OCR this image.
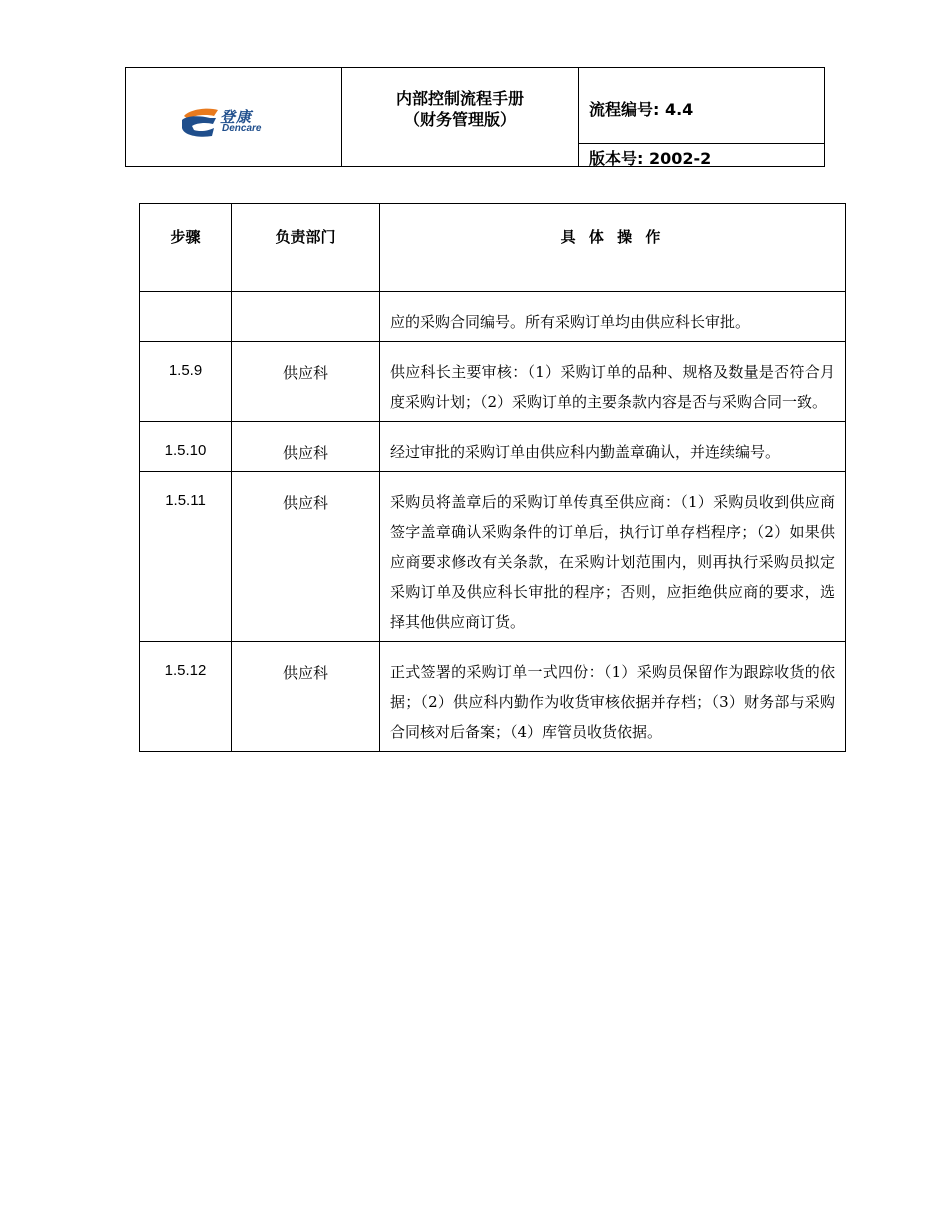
登康
Dencare
内部控制流程手册
（财务管理版）
流程编号: 4.4
版本号: 2002-2
步骤	负责部门	具 体 操 作
		应的采购合同编号。所有采购订单均由供应科长审批。
1.5.9	供应科	供应科长主要审核：（1）采购订单的品种、规格及数量是否符合月度采购计划；（2）采购订单的主要条款内容是否与采购合同一致。
1.5.10	供应科	经过审批的采购订单由供应科内勤盖章确认，并连续编号。
1.5.11	供应科	采购员将盖章后的采购订单传真至供应商：（1）采购员收到供应商签字盖章确认采购条件的订单后，执行订单存档程序；（2）如果供应商要求修改有关条款，在采购计划范围内，则再执行采购员拟定采购订单及供应科长审批的程序；否则，应拒绝供应商的要求，选择其他供应商订货。
1.5.12	供应科	正式签署的采购订单一式四份：（1）采购员保留作为跟踪收货的依据；（2）供应科内勤作为收货审核依据并存档；（3）财务部与采购合同核对后备案；（4）库管员收货依据。
